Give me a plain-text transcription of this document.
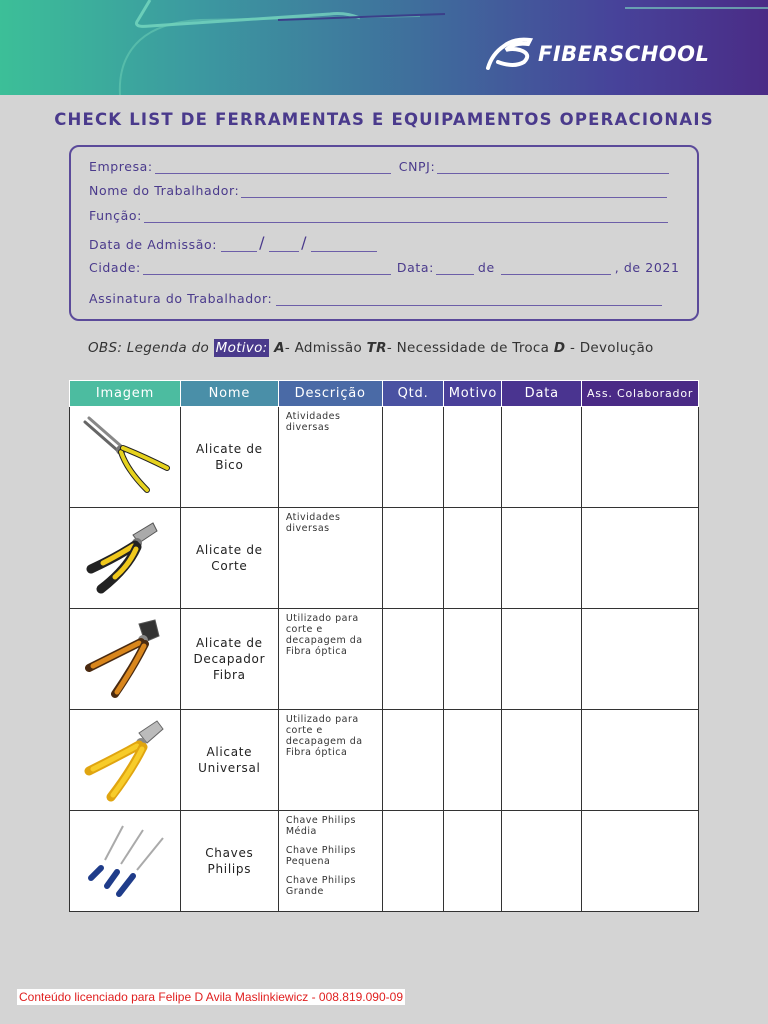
FIBERSCHOOL
CHECK LIST DE FERRAMENTAS E EQUIPAMENTOS OPERACIONAIS
Empresa:	CNPJ:
Nome do Trabalhador:
Função:
Data de Admissão:	/ /
Cidade:	Data:	de	, de 2021
Assinatura do Trabalhador:
OBS: Legenda do Motivo: A- Admissão TR- Necessidade de Troca D - Devolução
Imagem	Nome	Descrição	Qtd.	Motivo	Data	Ass. Colaborador

	Alicate de Bico	Atividades diversas				

	Alicate de Corte	Atividades diversas				

	Alicate de Decapador Fibra	Utilizado para corte e decapagem da Fibra óptica				

	Alicate Universal	Utilizado para corte e decapagem da Fibra óptica				

	Chaves Philips	Chave Philips Média
Chave Philips Pequena
Chave Philips Grande				

Conteúdo licenciado para Felipe D Avila Maslinkiewicz - 008.819.090-09
